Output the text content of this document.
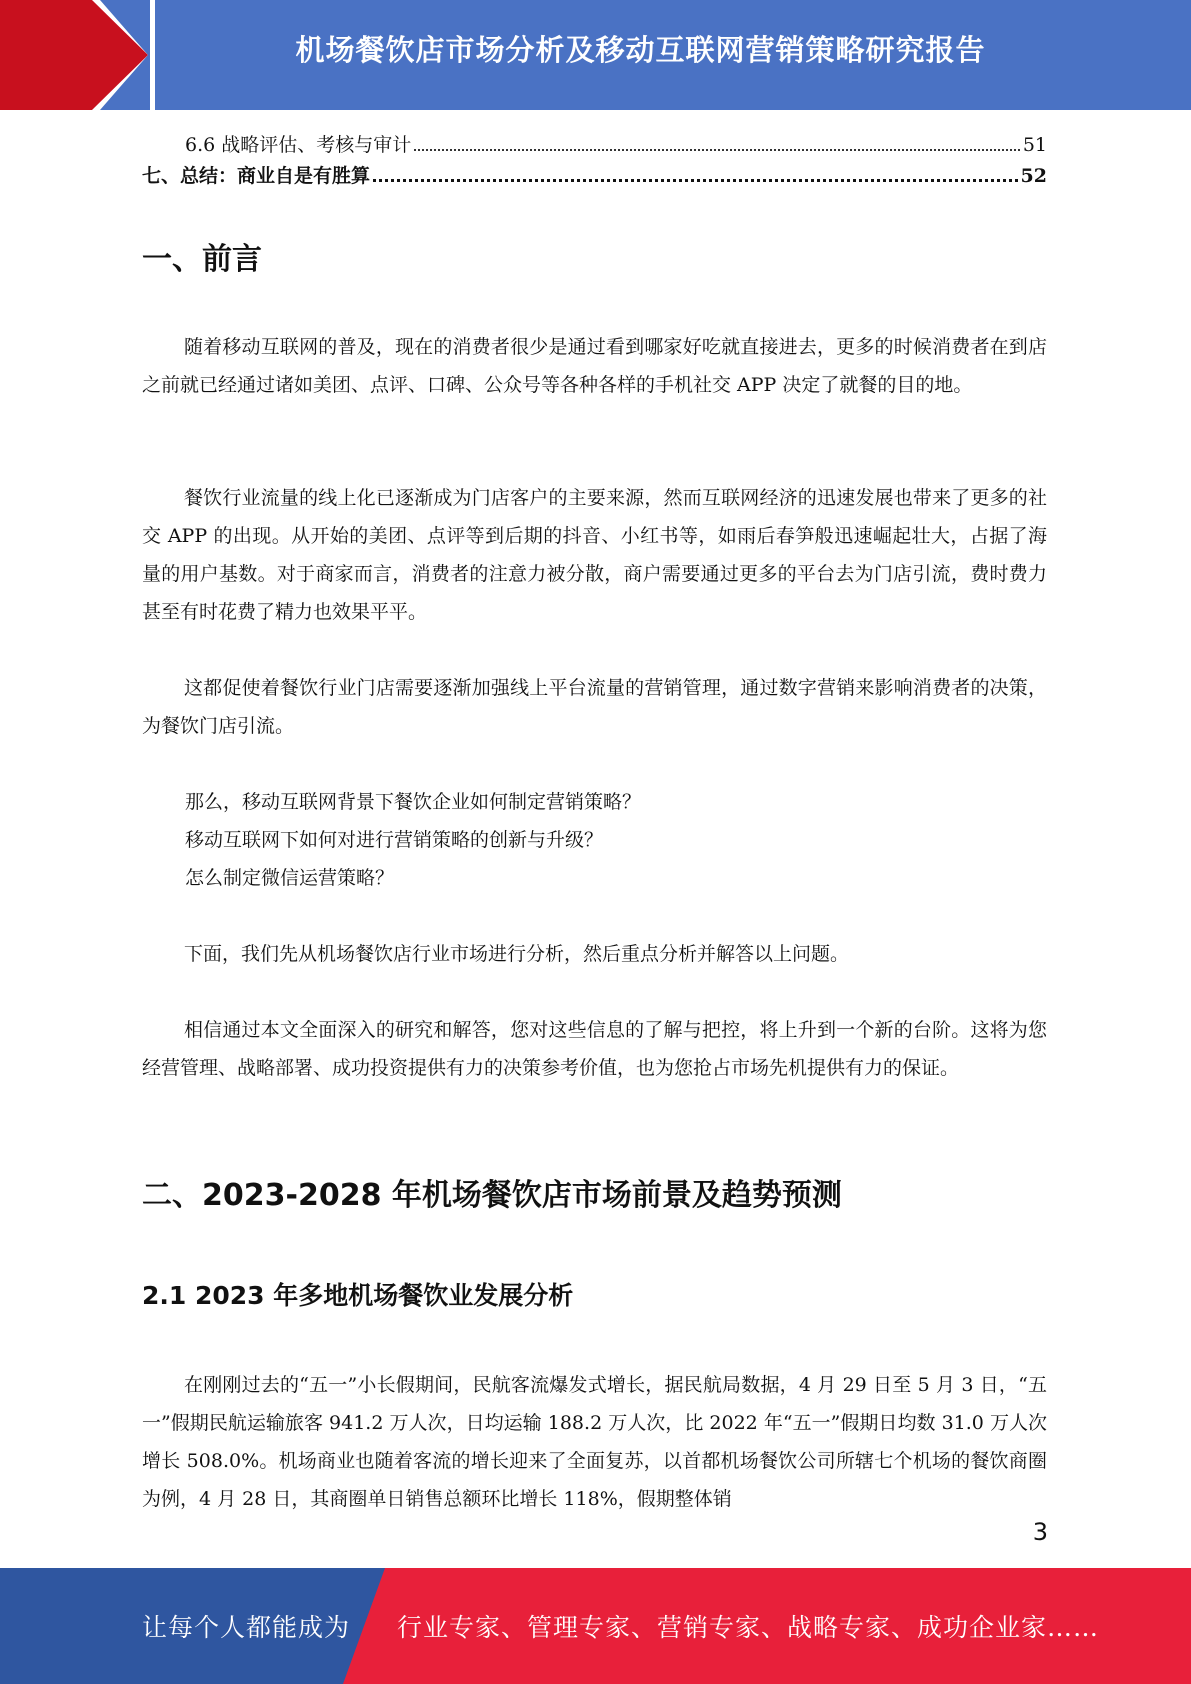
机场餐饮店市场分析及移动互联网营销策略研究报告
6.6 战略评估、考核与审计	51
七、总结：商业自是有胜算	52
一、前言

随着移动互联网的普及，现在的消费者很少是通过看到哪家好吃就直接进去，更多的时候消费者在到店之前就已经通过诸如美团、点评、口碑、公众号等各种各样的手机社交 APP 决定了就餐的目的地。

餐饮行业流量的线上化已逐渐成为门店客户的主要来源，然而互联网经济的迅速发展也带来了更多的社交 APP 的出现。从开始的美团、点评等到后期的抖音、小红书等，如雨后春笋般迅速崛起壮大，占据了海量的用户基数。对于商家而言，消费者的注意力被分散，商户需要通过更多的平台去为门店引流，费时费力甚至有时花费了精力也效果平平。

这都促使着餐饮行业门店需要逐渐加强线上平台流量的营销管理，通过数字营销来影响消费者的决策，为餐饮门店引流。

那么，移动互联网背景下餐饮企业如何制定营销策略？
移动互联网下如何对进行营销策略的创新与升级？
怎么制定微信运营策略？

下面，我们先从机场餐饮店行业市场进行分析，然后重点分析并解答以上问题。

相信通过本文全面深入的研究和解答，您对这些信息的了解与把控，将上升到一个新的台阶。这将为您经营管理、战略部署、成功投资提供有力的决策参考价值，也为您抢占市场先机提供有力的保证。

二、2023-2028 年机场餐饮店市场前景及趋势预测
2.1 2023 年多地机场餐饮业发展分析

在刚刚过去的“五一”小长假期间，民航客流爆发式增长，据民航局数据，4 月 29 日至 5 月 3 日，“五一”假期民航运输旅客 941.2 万人次，日均运输 188.2 万人次，比 2022 年“五一”假期日均数 31.0 万人次增长 508.0%。机场商业也随着客流的增长迎来了全面复苏，以首都机场餐饮公司所辖七个机场的餐饮商圈为例，4 月 28 日，其商圈单日销售总额环比增长 118%，假期整体销

3
让每个人都能成为 行业专家、管理专家、营销专家、战略专家、成功企业家……
